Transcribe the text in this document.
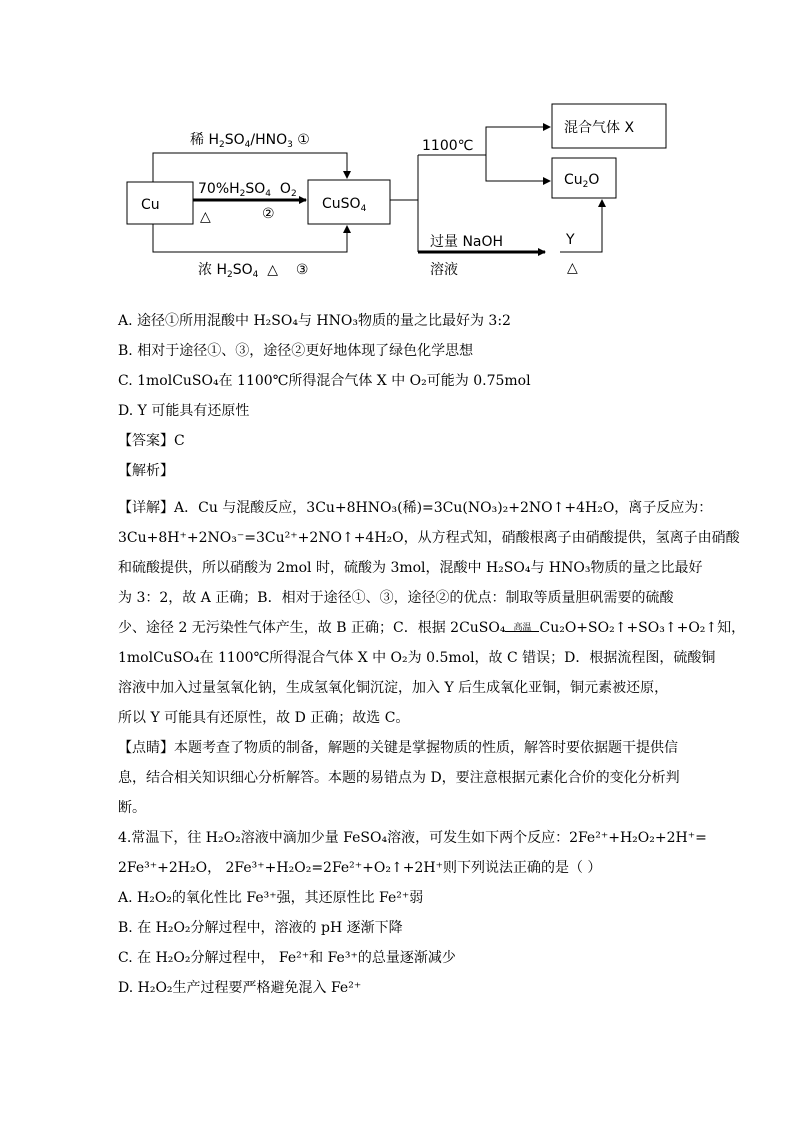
Cu	CuSO$_4$
稀 $H_2SO_4/HNO_3$ ①
$70\%H_2SO_4$  $O_2$
△	②
浓 $H_2SO_4$  △    ③
1100℃
混合气体 X
$Cu_2O$
过量 NaOH
溶液
Y
△
A. 途径①所用混酸中 H₂SO₄与 HNO₃物质的量之比最好为 3:2
B. 相对于途径①、③，途径②更好地体现了绿色化学思想
C. 1molCuSO₄在 1100℃所得混合气体 X 中 O₂可能为 0.75mol
D. Y 可能具有还原性
【答案】C
【解析】
【详解】A．Cu 与混酸反应，3Cu+8HNO₃(稀)=3Cu(NO₃)₂+2NO↑+4H₂O，离子反应为：
3Cu+8H⁺+2NO₃⁻=3Cu²⁺+2NO↑+4H₂O，从方程式知，硝酸根离子由硝酸提供，氢离子由硝酸
和硫酸提供，所以硝酸为 2mol 时，硫酸为 3mol，混酸中 H₂SO₄与 HNO₃物质的量之比最好
为 3：2，故 A 正确；B．相对于途径①、③，途径②的优点：制取等质量胆矾需要的硫酸
少、途径 2 无污染性气体产生，故 B 正确；C．根据 2CuSO₄ 高温 Cu₂O+SO₂↑+SO₃↑+O₂↑知，
1molCuSO₄在 1100℃所得混合气体 X 中 O₂为 0.5mol，故 C 错误；D．根据流程图，硫酸铜
溶液中加入过量氢氧化钠，生成氢氧化铜沉淀，加入 Y 后生成氧化亚铜，铜元素被还原，
所以 Y 可能具有还原性，故 D 正确；故选 C。
【点睛】本题考查了物质的制备，解题的关键是掌握物质的性质，解答时要依据题干提供信
息，结合相关知识细心分析解答。本题的易错点为 D，要注意根据元素化合价的变化分析判
断。
4.常温下，往 H₂O₂溶液中滴加少量 FeSO₄溶液，可发生如下两个反应：2Fe²⁺+H₂O₂+2H⁺=
2Fe³⁺+2H₂O， 2Fe³⁺+H₂O₂=2Fe²⁺+O₂↑+2H⁺则下列说法正确的是（ ）
A. H₂O₂的氧化性比 Fe³⁺强，其还原性比 Fe²⁺弱
B. 在 H₂O₂分解过程中，溶液的 pH 逐渐下降
C. 在 H₂O₂分解过程中， Fe²⁺和 Fe³⁺的总量逐渐减少
D. H₂O₂生产过程要严格避免混入 Fe²⁺
